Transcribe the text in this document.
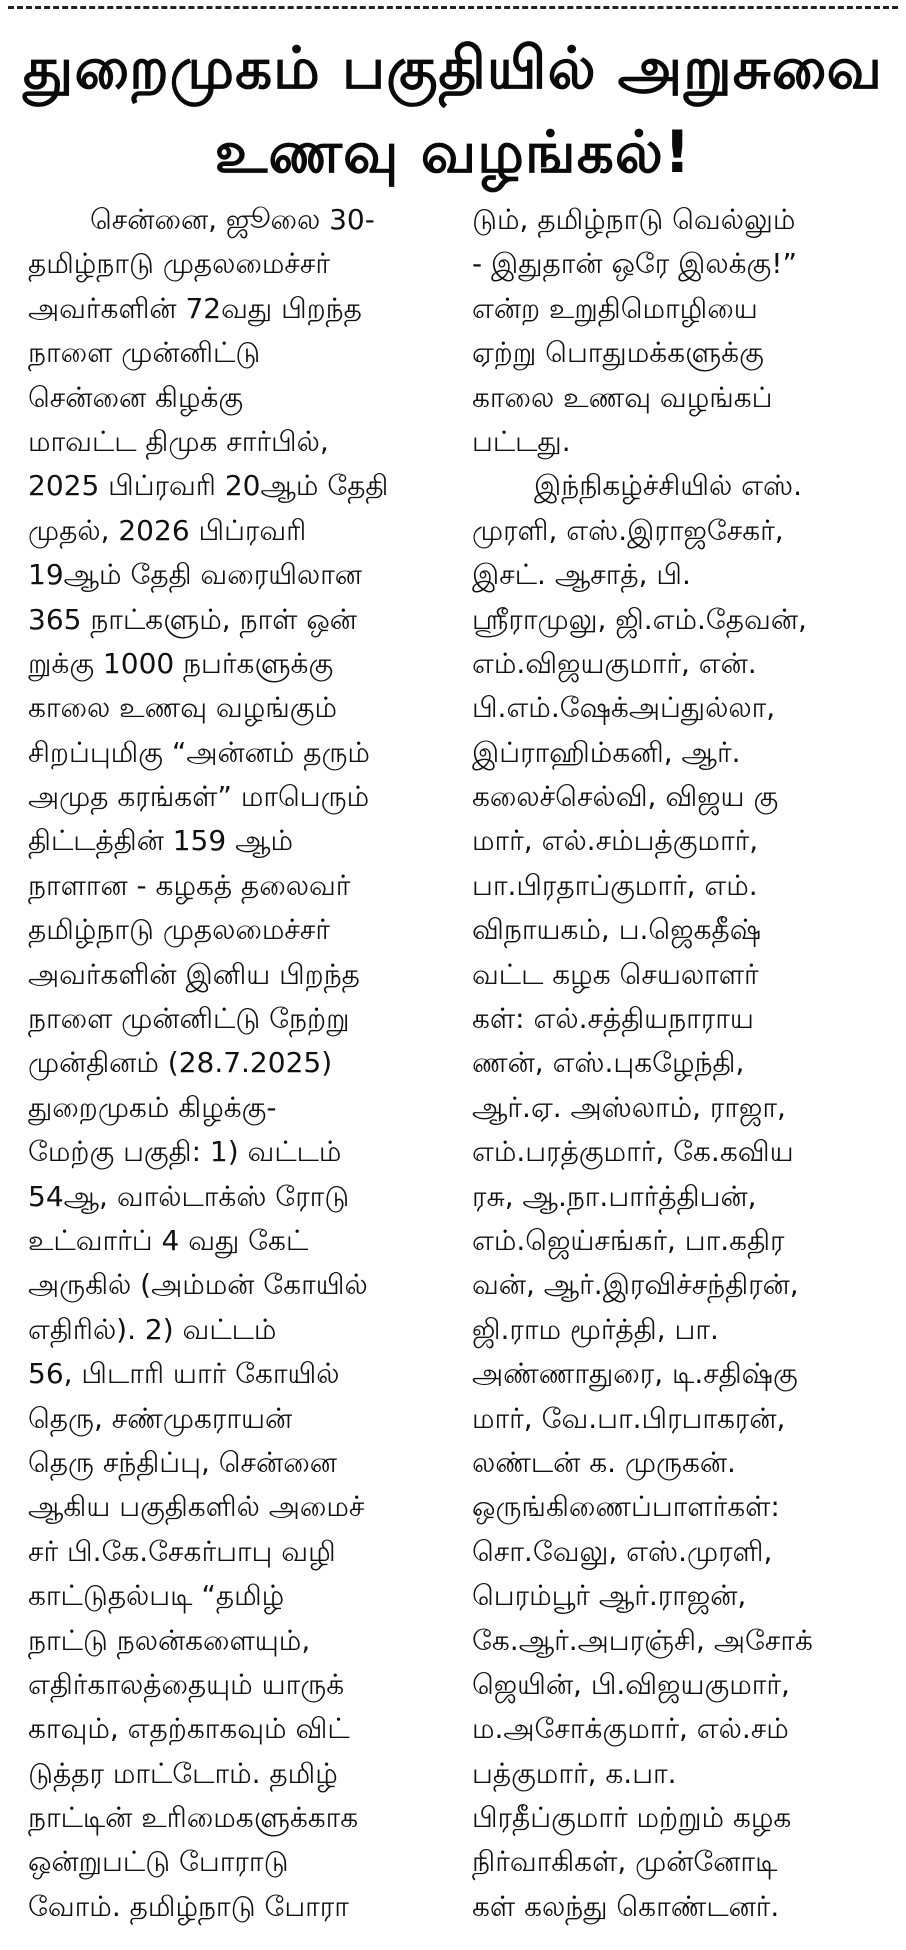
துறைமுகம் பகுதியில் அறுசுவை
உணவு வழங்கல்!
சென்னை, ஜூலை 30-
தமிழ்நாடு முதலமைச்சர்
அவர்களின் 72வது பிறந்த
நாளை முன்னிட்டு
சென்னை கிழக்கு
மாவட்ட திமுக சார்பில்,
2025 பிப்ரவரி 20ஆம் தேதி
முதல், 2026 பிப்ரவரி
19ஆம் தேதி வரையிலான
365 நாட்களும், நாள் ஒன்
றுக்கு 1000 நபர்களுக்கு
காலை உணவு வழங்கும்
சிறப்புமிகு “அன்னம் தரும்
அமுத கரங்கள்” மாபெரும்
திட்டத்தின் 159 ஆம்
நாளான - கழகத் தலைவர்
தமிழ்நாடு முதலமைச்சர்
அவர்களின் இனிய பிறந்த
நாளை முன்னிட்டு நேற்று
முன்தினம் (28.7.2025)
துறைமுகம் கிழக்கு-
மேற்கு பகுதி: 1) வட்டம்
54ஆ, வால்டாக்ஸ் ரோடு
உட்வார்ப் 4 வது கேட்
அருகில் (அம்மன் கோயில்
எதிரில்). 2) வட்டம்
56, பிடாரி யார் கோயில்
தெரு, சண்முகராயன்
தெரு சந்திப்பு, சென்னை
ஆகிய பகுதிகளில் அமைச்
சர் பி.கே.சேகர்பாபு வழி
காட்டுதல்படி “தமிழ்
நாட்டு நலன்களையும்,
எதிர்காலத்தையும் யாருக்
காவும், எதற்காகவும் விட்
டுத்தர மாட்டோம். தமிழ்
நாட்டின் உரிமைகளுக்காக
ஒன்றுபட்டு போராடு
வோம். தமிழ்நாடு போரா
டும், தமிழ்நாடு வெல்லும்
- இதுதான் ஒரே இலக்கு!”
என்ற உறுதிமொழியை
ஏற்று பொதுமக்களுக்கு
காலை உணவு வழங்கப்
பட்டது.
இந்நிகழ்ச்சியில் எஸ்.
முரளி, எஸ்.இராஜசேகர்,
இசட். ஆசாத், பி.
ஸ்ரீராமுலு, ஜி.எம்.தேவன்,
எம்.விஜயகுமார், என்.
பி.எம்.ஷேக்அப்துல்லா,
இப்ராஹிம்கனி, ஆர்.
கலைச்செல்வி, விஜய கு
மார், எல்.சம்பத்குமார்,
பா.பிரதாப்குமார், எம்.
விநாயகம், ப.ஜெகதீஷ்
வட்ட கழக செயலாளர்
கள்: எல்.சத்தியநாராய
ணன், எஸ்.புகழேந்தி,
ஆர்.ஏ. அஸ்லாம், ராஜா,
எம்.பரத்குமார், கே.கவிய
ரசு, ஆ.நா.பார்த்திபன்,
எம்.ஜெய்சங்கர், பா.கதிர
வன், ஆர்.இரவிச்சந்திரன்,
ஜி.ராம மூர்த்தி, பா.
அண்ணாதுரை, டி.சதிஷ்கு
மார், வே.பா.பிரபாகரன்,
லண்டன் க. முருகன்.
ஒருங்கிணைப்பாளர்கள்:
சொ.வேலு, எஸ்.முரளி,
பெரம்பூர் ஆர்.ராஜன்,
கே.ஆர்.அபரஞ்சி, அசோக்
ஜெயின், பி.விஜயகுமார்,
ம.அசோக்குமார், எல்.சம்
பத்குமார், க.பா.
பிரதீப்குமார் மற்றும் கழக
நிர்வாகிகள், முன்னோடி
கள் கலந்து கொண்டனர்.
